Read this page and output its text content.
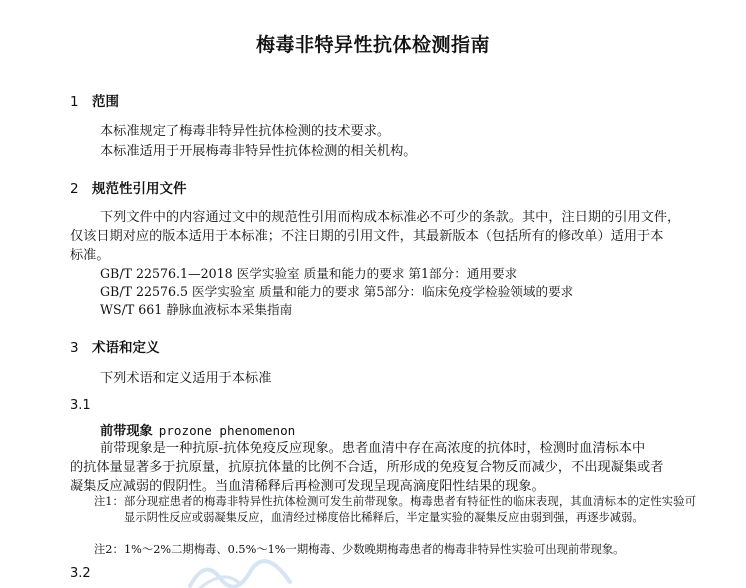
梅毒非特异性抗体检测指南
1 范围
本标准规定了梅毒非特异性抗体检测的技术要求。
本标准适用于开展梅毒非特异性抗体检测的相关机构。
2 规范性引用文件
下列文件中的内容通过文中的规范性引用而构成本标准必不可少的条款。其中，注日期的引用文件，
仅该日期对应的版本适用于本标准；不注日期的引用文件，其最新版本（包括所有的修改单）适用于本
标准。
GB/T 22576.1—2018 医学实验室 质量和能力的要求 第1部分：通用要求
GB/T 22576.5 医学实验室 质量和能力的要求 第5部分：临床免疫学检验领域的要求
WS/T 661 静脉血液标本采集指南
3 术语和定义
下列术语和定义适用于本标准
3.1
前带现象 prozone phenomenon
前带现象是一种抗原-抗体免疫反应现象。患者血清中存在高浓度的抗体时，检测时血清标本中
的抗体量显著多于抗原量，抗原抗体量的比例不合适，所形成的免疫复合物反而减少，不出现凝集或者
凝集反应减弱的假阴性。当血清稀释后再检测可发现呈现高滴度阳性结果的现象。
注1：部分现症患者的梅毒非特异性抗体检测可发生前带现象。梅毒患者有特征性的临床表现，其血清标本的定性实验可显示阴性反应或弱凝集反应，血清经过梯度倍比稀释后，半定量实验的凝集反应由弱到强，再逐步减弱。
注2：1%～2%二期梅毒、0.5%～1%一期梅毒、少数晚期梅毒患者的梅毒非特异性实验可出现前带现象。
3.2
